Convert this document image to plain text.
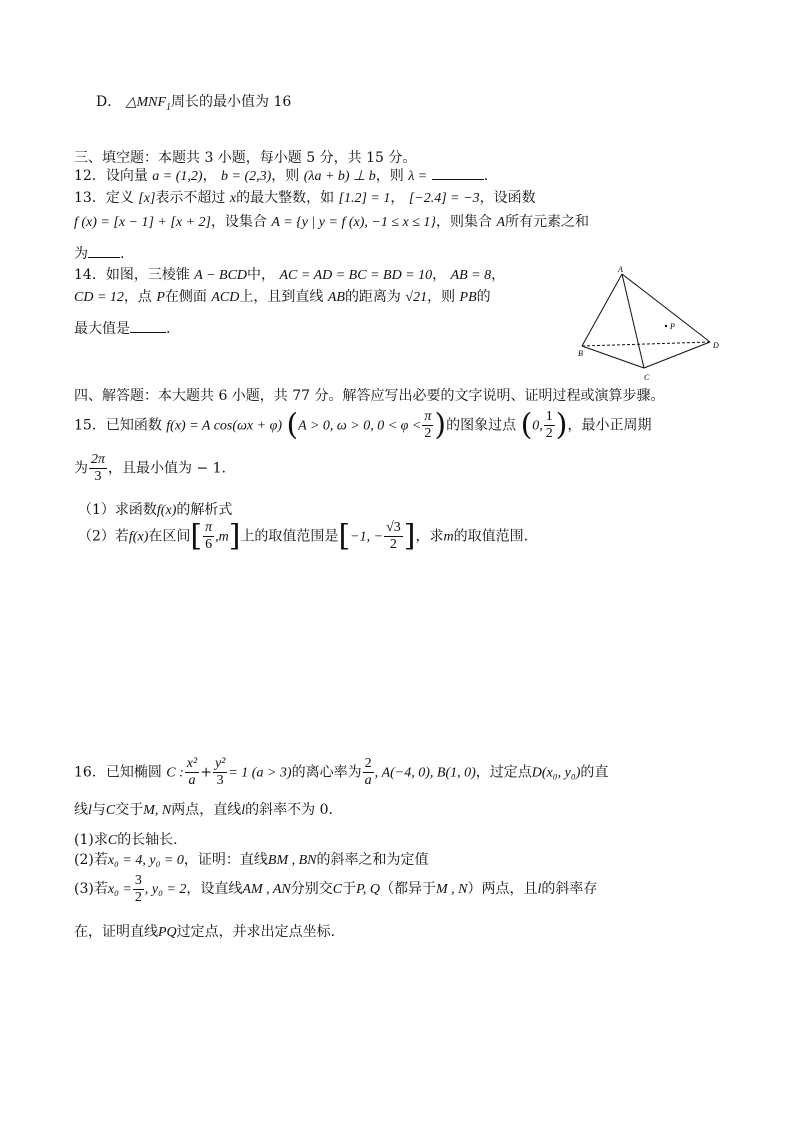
D． $\triangle MNF_1$周长的最小值为 16
三、填空题：本题共 3 小题，每小题 5 分，共 15 分。
12．设向量 a = (1,2)， b = (2,3)，则 (λa + b) ⊥ b，则 λ =	.
13．定义 [x]表示不超过 x的最大整数，如 [1.2] = 1， [−2.4] = −3，设函数
f (x) = [x − 1] + [x + 2]，设集合 A = {y | y = f (x), −1 ≤ x ≤ 1}，则集合 A所有元素之和
为 .
14．如图，三棱锥 A − BCD中， AC = AD = BC = BD = 10， AB = 8，
CD = 12，点 P在侧面 ACD上，且到直线 AB的距离为 √21，则 PB的
最大值是	.
A
B
C
D
P
四、解答题：本大题共 6 小题，共 77 分。解答应写出必要的文字说明、证明过程或演算步骤。
15．已知函数 f(x) = A cos(ωx + φ) (A > 0, ω > 0, $0 < \varphi < \frac{\pi}{2}$ )的图象过点 (0, $\frac{1}{2}$ )，最小正周期
为 $\frac{2\pi}{3}$ ，且最小值为 − 1.
（1）求函数f(x)的解析式
（2）若f(x)在区间[ $\frac{\pi}{6} ,m$]上的取值范围是[−1, − $\frac{√3}{2}$ ]，求m的取值范围.
16．已知椭圆 C : $\frac{\text{x²}}{a} + \frac{\text{y²}}{3} = 1$ (a > 3)的离心率为 $\frac{2}{a}$ , A(−4, 0), B(1, 0)，过定点D(x₀, y₀)的直
线l与C交于M, N两点，直线l的斜率不为 0.
(1)求C的长轴长.
(2)若x₀ = 4, y₀ = 0，证明：直线BM , BN的斜率之和为定值
(3)若$x_0 = \frac{3}{2}$ , y₀ = 2，设直线AM , AN分别交C于P, Q（都异于M , N）两点，且l的斜率存
在，证明直线PQ过定点，并求出定点坐标.
